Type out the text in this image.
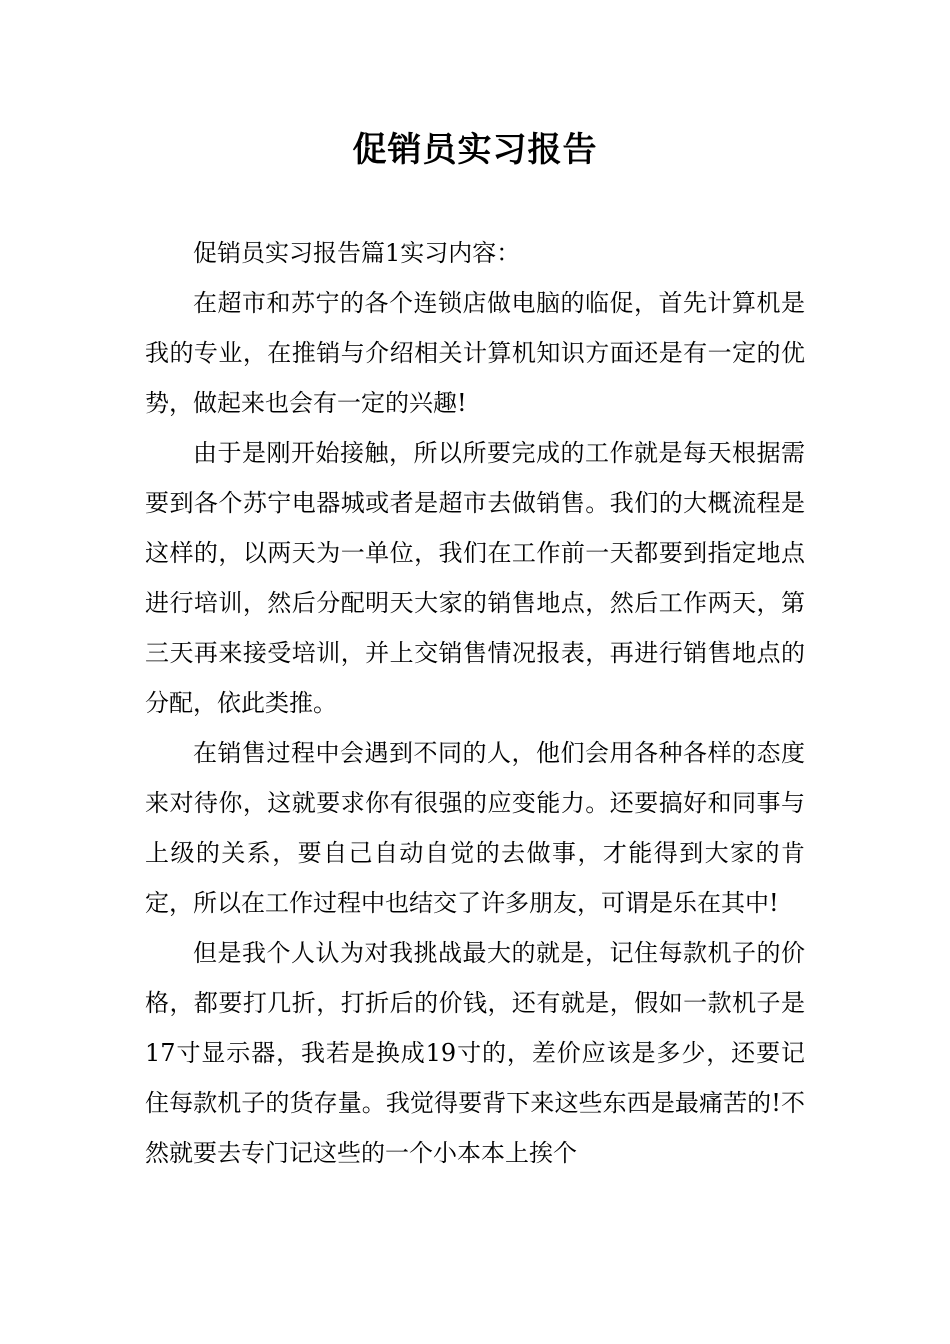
促销员实习报告

促销员实习报告篇1实习内容：

在超市和苏宁的各个连锁店做电脑的临促，首先计算机是我的专业，在推销与介绍相关计算机知识方面还是有一定的优势，做起来也会有一定的兴趣!

由于是刚开始接触，所以所要完成的工作就是每天根据需要到各个苏宁电器城或者是超市去做销售。我们的大概流程是这样的，以两天为一单位，我们在工作前一天都要到指定地点进行培训，然后分配明天大家的销售地点，然后工作两天，第三天再来接受培训，并上交销售情况报表，再进行销售地点的分配，依此类推。

在销售过程中会遇到不同的人，他们会用各种各样的态度来对待你，这就要求你有很强的应变能力。还要搞好和同事与上级的关系，要自己自动自觉的去做事，才能得到大家的肯定，所以在工作过程中也结交了许多朋友，可谓是乐在其中!

但是我个人认为对我挑战最大的就是，记住每款机子的价格，都要打几折，打折后的价钱，还有就是，假如一款机子是17寸显示器，我若是换成19寸的，差价应该是多少，还要记住每款机子的货存量。我觉得要背下来这些东西是最痛苦的!不然就要去专门记这些的一个小本本上挨个
